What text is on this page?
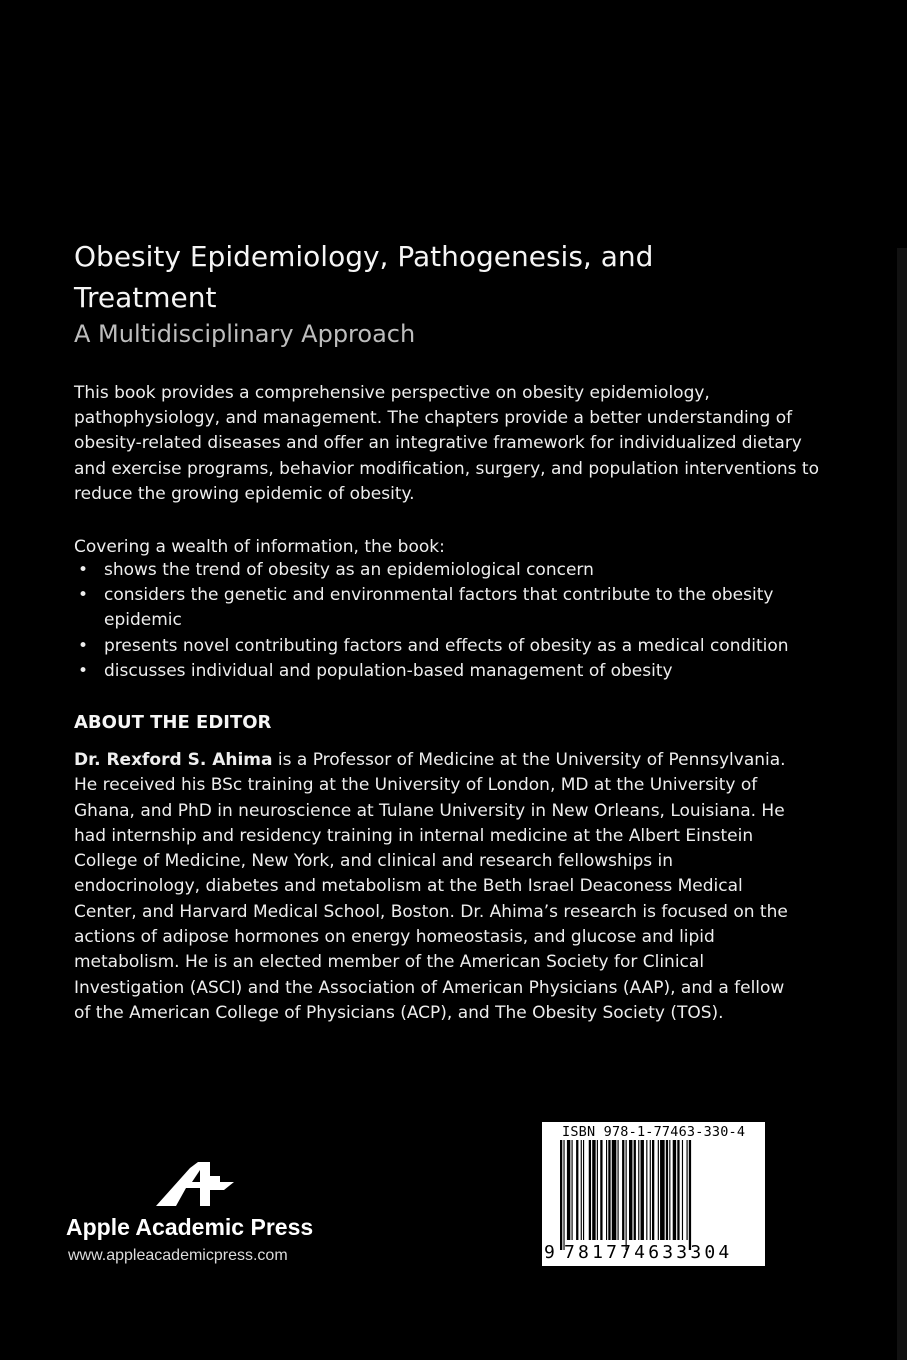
Obesity Epidemiology, Pathogenesis, and Treatment
A Multidisciplinary Approach

This book provides a comprehensive perspective on obesity epidemiology, pathophysiology, and management. The chapters provide a better understanding of obesity-related diseases and offer an integrative framework for individualized dietary and exercise programs, behavior modification, surgery, and population interventions to reduce the growing epidemic of obesity.

Covering a wealth of information, the book:

• shows the trend of obesity as an epidemiological concern
• considers the genetic and environmental factors that contribute to the obesity epidemic
• presents novel contributing factors and effects of obesity as a medical condition
• discusses individual and population-based management of obesity
ABOUT THE EDITOR

Dr. Rexford S. Ahima is a Professor of Medicine at the University of Pennsylvania. He received his BSc training at the University of London, MD at the University of Ghana, and PhD in neuroscience at Tulane University in New Orleans, Louisiana. He had internship and residency training in internal medicine at the Albert Einstein College of Medicine, New York, and clinical and research fellowships in endocrinology, diabetes and metabolism at the Beth Israel Deaconess Medical Center, and Harvard Medical School, Boston. Dr. Ahima’s research is focused on the actions of adipose hormones on energy homeostasis, and glucose and lipid metabolism. He is an elected member of the American Society for Clinical Investigation (ASCI) and the Association of American Physicians (AAP), and a fellow of the American College of Physicians (ACP), and The Obesity Society (TOS).

Apple Academic Press

www.appleacademicpress.com
ISBN 978-1-77463-330-4
9 781774633304
